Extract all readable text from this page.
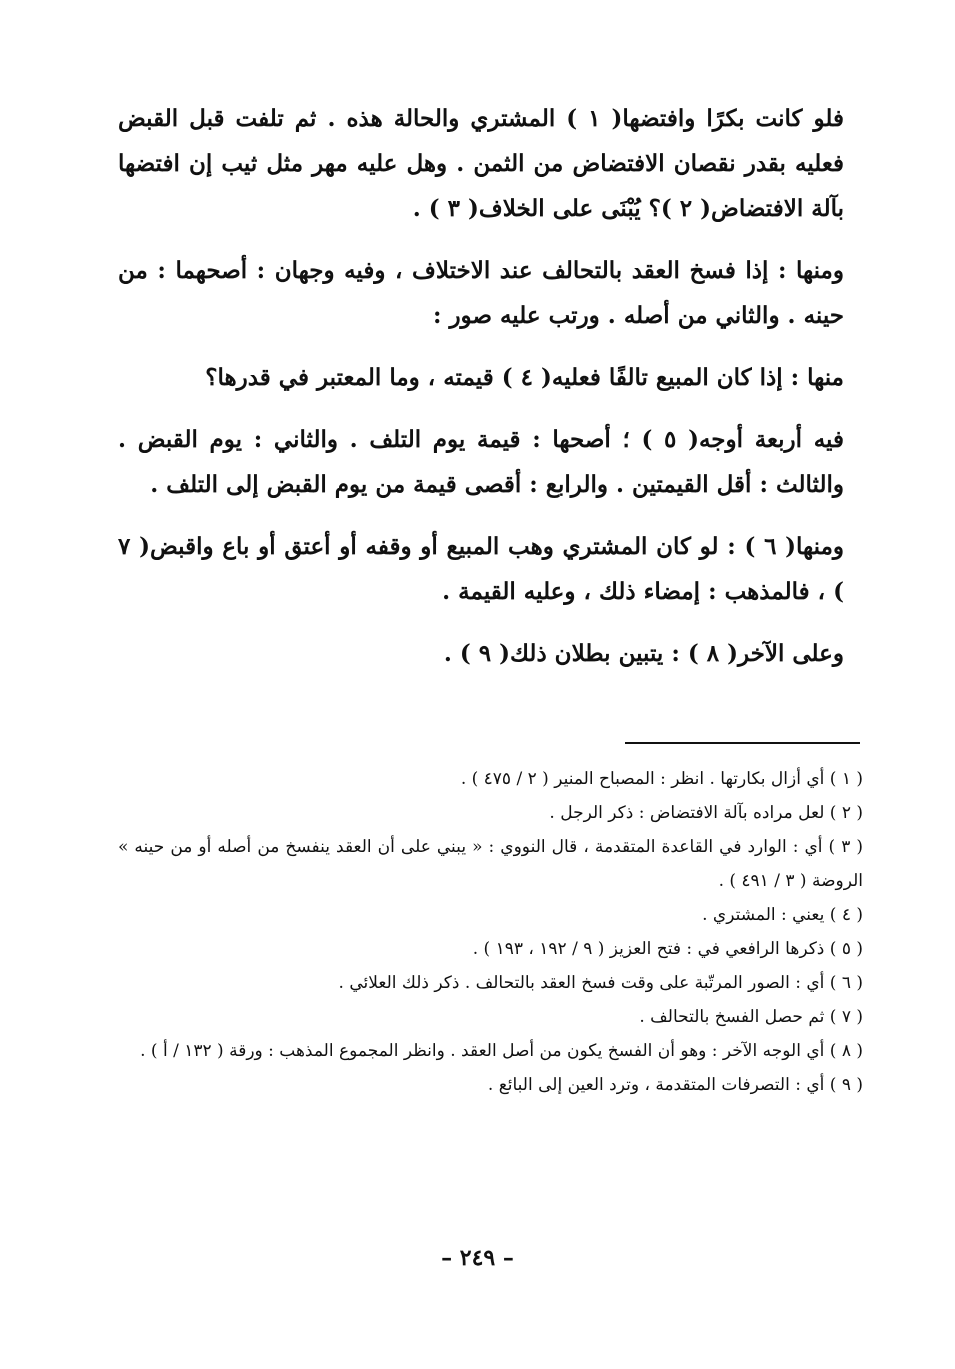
فلو كانت بكرًا وافتضها( ١ ) المشتري والحالة هذه . ثم تلفت قبل القبض فعليه بقدر نقصان الافتضاض من الثمن . وهل عليه مهر مثل ثيب إن افتضها بآلة الافتضاض( ٢ )؟ يُبْنَى على الخلاف( ٣ ) .

ومنها : إذا فسخ العقد بالتحالف عند الاختلاف ، وفيه وجهان : أصحهما : من حينه . والثاني من أصله . ورتب عليه صور :

منها : إذا كان المبيع تالفًا فعليه( ٤ ) قيمته ، وما المعتبر في قدرها؟

فيه أربعة أوجه( ٥ ) ؛ أصحها : قيمة يوم التلف . والثاني : يوم القبض . والثالث : أقل القيمتين . والرابع : أقصى قيمة من يوم القبض إلى التلف .

ومنها( ٦ ) : لو كان المشتري وهب المبيع أو وقفه أو أعتق أو باع واقبض( ٧ ) ، فالمذهب : إمضاء ذلك ، وعليه القيمة .

وعلى الآخر( ٨ ) : يتبين بطلان ذلك( ٩ ) .

( ١ ) أي أزال بكارتها . انظر : المصباح المنير ( ٢ / ٤٧٥ ) .

( ٢ ) لعل مراده بآلة الافتضاض : ذكر الرجل .

( ٣ ) أي : الوارد في القاعدة المتقدمة ، قال النووي : « يبني على أن العقد ينفسخ من أصله أو من حينه » الروضة ( ٣ / ٤٩١ ) .

( ٤ ) يعني : المشتري .

( ٥ ) ذكرها الرافعي في : فتح العزيز ( ٩ / ١٩٢ ، ١٩٣ ) .

( ٦ ) أي : الصور المرتّبة على وقت فسخ العقد بالتحالف . ذكر ذلك العلائي .

( ٧ ) ثم حصل الفسخ بالتحالف .

( ٨ ) أي الوجه الآخر : وهو أن الفسخ يكون من أصل العقد . وانظر المجموع المذهب : ورقة ( ١٣٢ / أ ) .

( ٩ ) أي : التصرفات المتقدمة ، وترد العين إلى البائع .

– ٢٤٩ –
